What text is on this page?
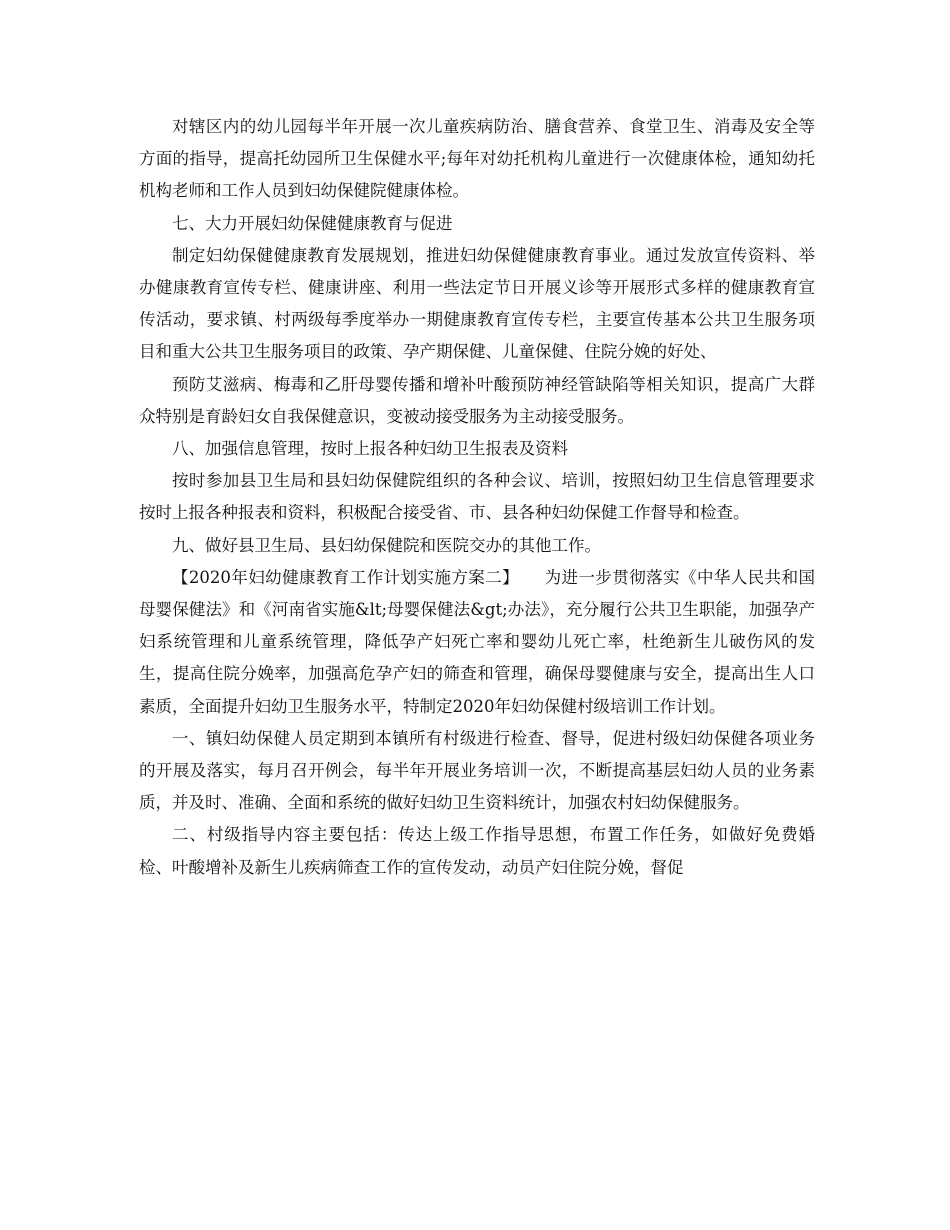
对辖区内的幼儿园每半年开展一次儿童疾病防治、膳食营养、食堂卫生、消毒及安全等方面的指导，提高托幼园所卫生保健水平;每年对幼托机构儿童进行一次健康体检，通知幼托机构老师和工作人员到妇幼保健院健康体检。

七、大力开展妇幼保健健康教育与促进

制定妇幼保健健康教育发展规划，推进妇幼保健健康教育事业。通过发放宣传资料、举办健康教育宣传专栏、健康讲座、利用一些法定节日开展义诊等开展形式多样的健康教育宣传活动，要求镇、村两级每季度举办一期健康教育宣传专栏，主要宣传基本公共卫生服务项目和重大公共卫生服务项目的政策、孕产期保健、儿童保健、住院分娩的好处、

预防艾滋病、梅毒和乙肝母婴传播和增补叶酸预防神经管缺陷等相关知识，提高广大群众特别是育龄妇女自我保健意识，变被动接受服务为主动接受服务。

八、加强信息管理，按时上报各种妇幼卫生报表及资料

按时参加县卫生局和县妇幼保健院组织的各种会议、培训，按照妇幼卫生信息管理要求按时上报各种报表和资料，积极配合接受省、市、县各种妇幼保健工作督导和检查。

九、做好县卫生局、县妇幼保健院和医院交办的其他工作。

【2020年妇幼健康教育工作计划实施方案二】　　为进一步贯彻落实《中华人民共和国母婴保健法》和《河南省实施&lt;母婴保健法&gt;办法》，充分履行公共卫生职能，加强孕产妇系统管理和儿童系统管理，降低孕产妇死亡率和婴幼儿死亡率，杜绝新生儿破伤风的发生，提高住院分娩率，加强高危孕产妇的筛查和管理，确保母婴健康与安全，提高出生人口素质，全面提升妇幼卫生服务水平，特制定2020年妇幼保健村级培训工作计划。

一、镇妇幼保健人员定期到本镇所有村级进行检查、督导，促进村级妇幼保健各项业务的开展及落实，每月召开例会，每半年开展业务培训一次，不断提高基层妇幼人员的业务素质，并及时、准确、全面和系统的做好妇幼卫生资料统计，加强农村妇幼保健服务。

二、村级指导内容主要包括：传达上级工作指导思想，布置工作任务，如做好免费婚检、叶酸增补及新生儿疾病筛查工作的宣传发动，动员产妇住院分娩，督促
